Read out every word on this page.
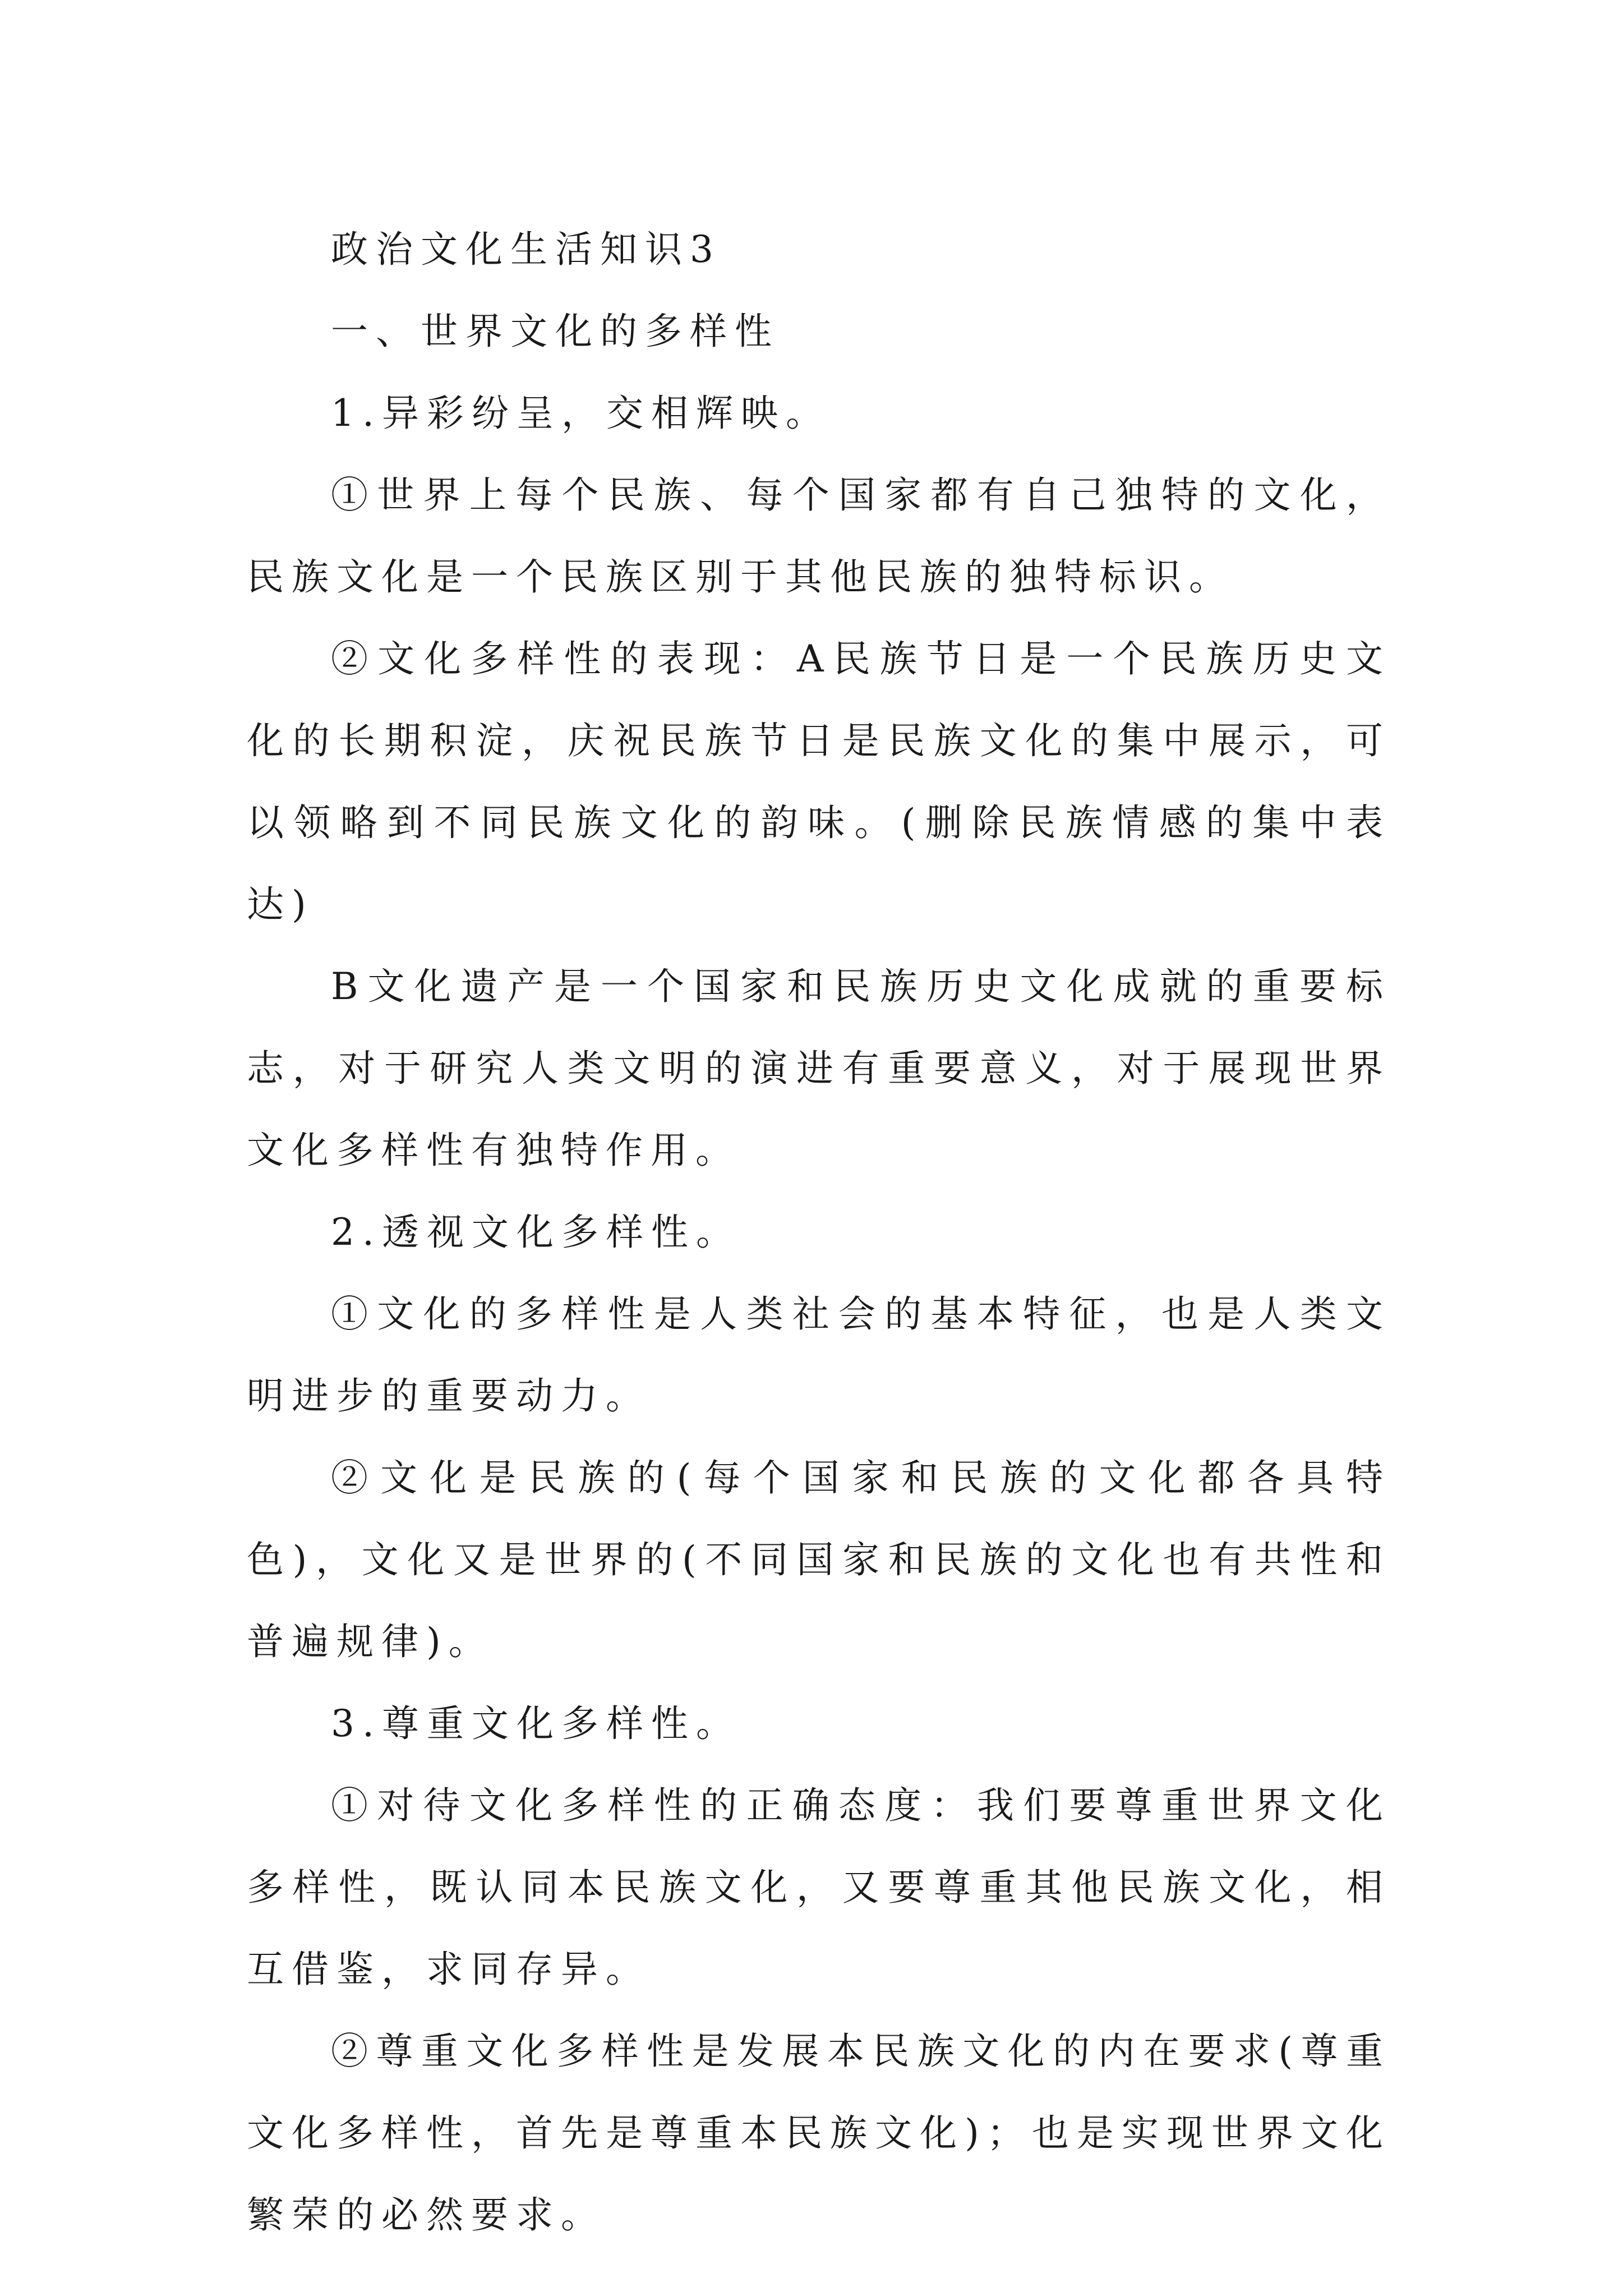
政治文化生活知识3

一、世界文化的多样性

1.异彩纷呈，交相辉映。

①世界上每个民族、每个国家都有自己独特的文化，民族文化是一个民族区别于其他民族的独特标识。

②文化多样性的表现：A民族节日是一个民族历史文化的长期积淀，庆祝民族节日是民族文化的集中展示，可以领略到不同民族文化的韵味。(删除民族情感的集中表达)

B文化遗产是一个国家和民族历史文化成就的重要标志，对于研究人类文明的演进有重要意义，对于展现世界文化多样性有独特作用。

2.透视文化多样性。

①文化的多样性是人类社会的基本特征，也是人类文明进步的重要动力。

②文化是民族的(每个国家和民族的文化都各具特色)，文化又是世界的(不同国家和民族的文化也有共性和普遍规律)。

3.尊重文化多样性。

①对待文化多样性的正确态度：我们要尊重世界文化多样性，既认同本民族文化，又要尊重其他民族文化，相互借鉴，求同存异。

②尊重文化多样性是发展本民族文化的内在要求(尊重文化多样性，首先是尊重本民族文化)；也是实现世界文化繁荣的必然要求。
